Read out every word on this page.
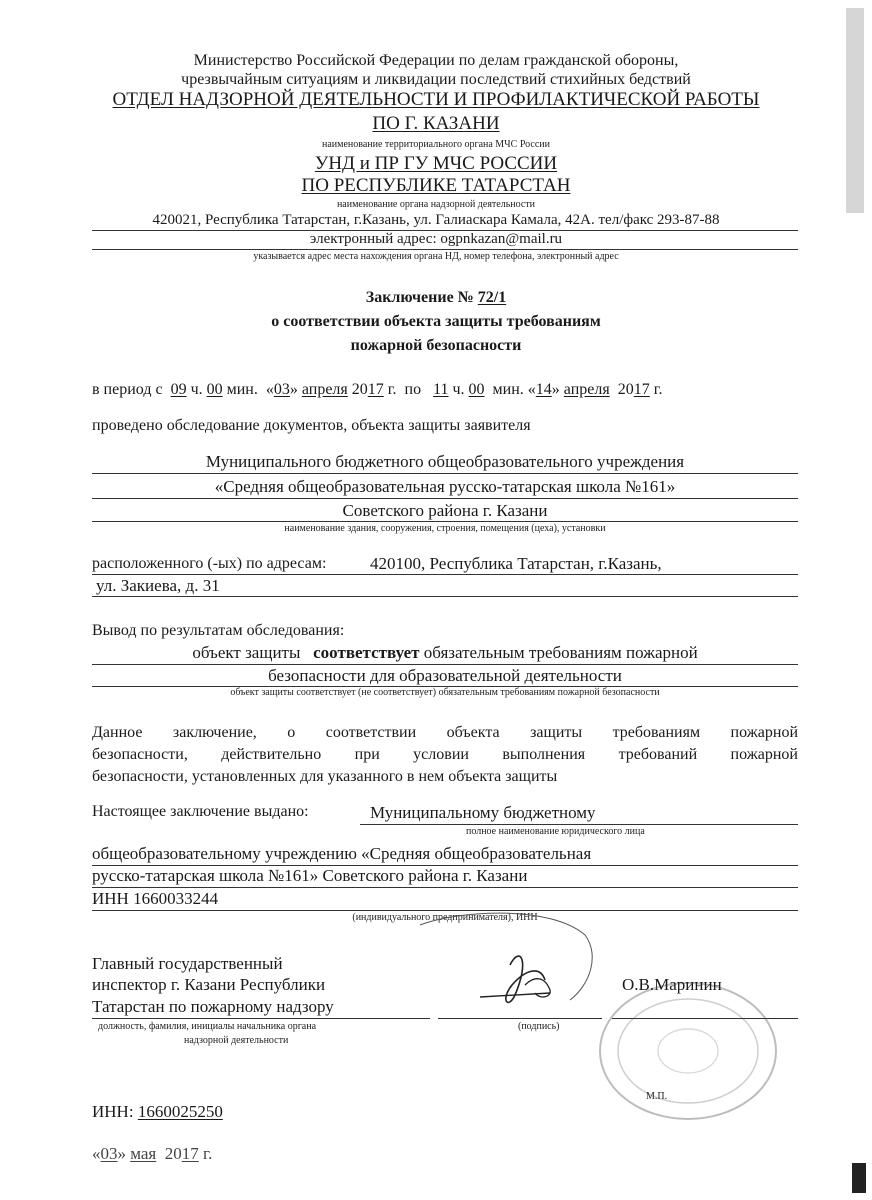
Министерство Российской Федерации по делам гражданской обороны,
чрезвычайным ситуациям и ликвидации последствий стихийных бедствий
ОТДЕЛ НАДЗОРНОЙ ДЕЯТЕЛЬНОСТИ И ПРОФИЛАКТИЧЕСКОЙ РАБОТЫ
ПО Г. КАЗАНИ
наименование территориального органа МЧС России
УНД и ПР ГУ МЧС РОССИИ
ПО РЕСПУБЛИКЕ ТАТАРСТАН
наименование органа надзорной деятельности
420021, Республика Татарстан, г.Казань, ул. Галиаскара Камала, 42А. тел/факс 293-87-88
электронный адрес: ogpnkazan@mail.ru
указывается адрес места нахождения органа НД, номер телефона, электронный адрес
Заключение № 72/1
о соответствии объекта защиты требованиям
пожарной безопасности
в период с 09 ч. 00 мин. «03» апреля 2017 г. по 11 ч. 00 мин. «14» апреля 2017 г.
проведено обследование документов, объекта защиты заявителя
Муниципального бюджетного общеобразовательного учреждения
«Средняя общеобразовательная русско-татарская школа №161»
Советского района г. Казани
наименование здания, сооружения, строения, помещения (цеха), установки
расположенного (-ых) по адресам:	420100, Республика Татарстан, г.Казань,
ул. Закиева, д. 31
Вывод по результатам обследования:
объект защиты соответствует обязательным требованиям пожарной
безопасности для образовательной деятельности
объект защиты соответствует (не соответствует) обязательным требованиям пожарной безопасности
Данное заключение, о соответствии объекта защиты требованиям пожарной
безопасности, действительно при условии выполнения требований пожарной
безопасности, установленных для указанного в нем объекта защиты
Настоящее заключение выдано:	Муниципальному бюджетному
полное наименование юридического лица
общеобразовательному учреждению «Средняя общеобразовательная
русско-татарская школа №161» Советского района г. Казани
ИНН 1660033244
(индивидуального предпринимателя), ИНН
Главный государственный
инспектор г. Казани Республики
Татарстан по пожарному надзору
должность, фамилия, инициалы начальника органа
надзорной деятельности
(подпись)
О.В.Маринин
М.П.
ИНН: 1660025250
«03» мая 2017 г.
